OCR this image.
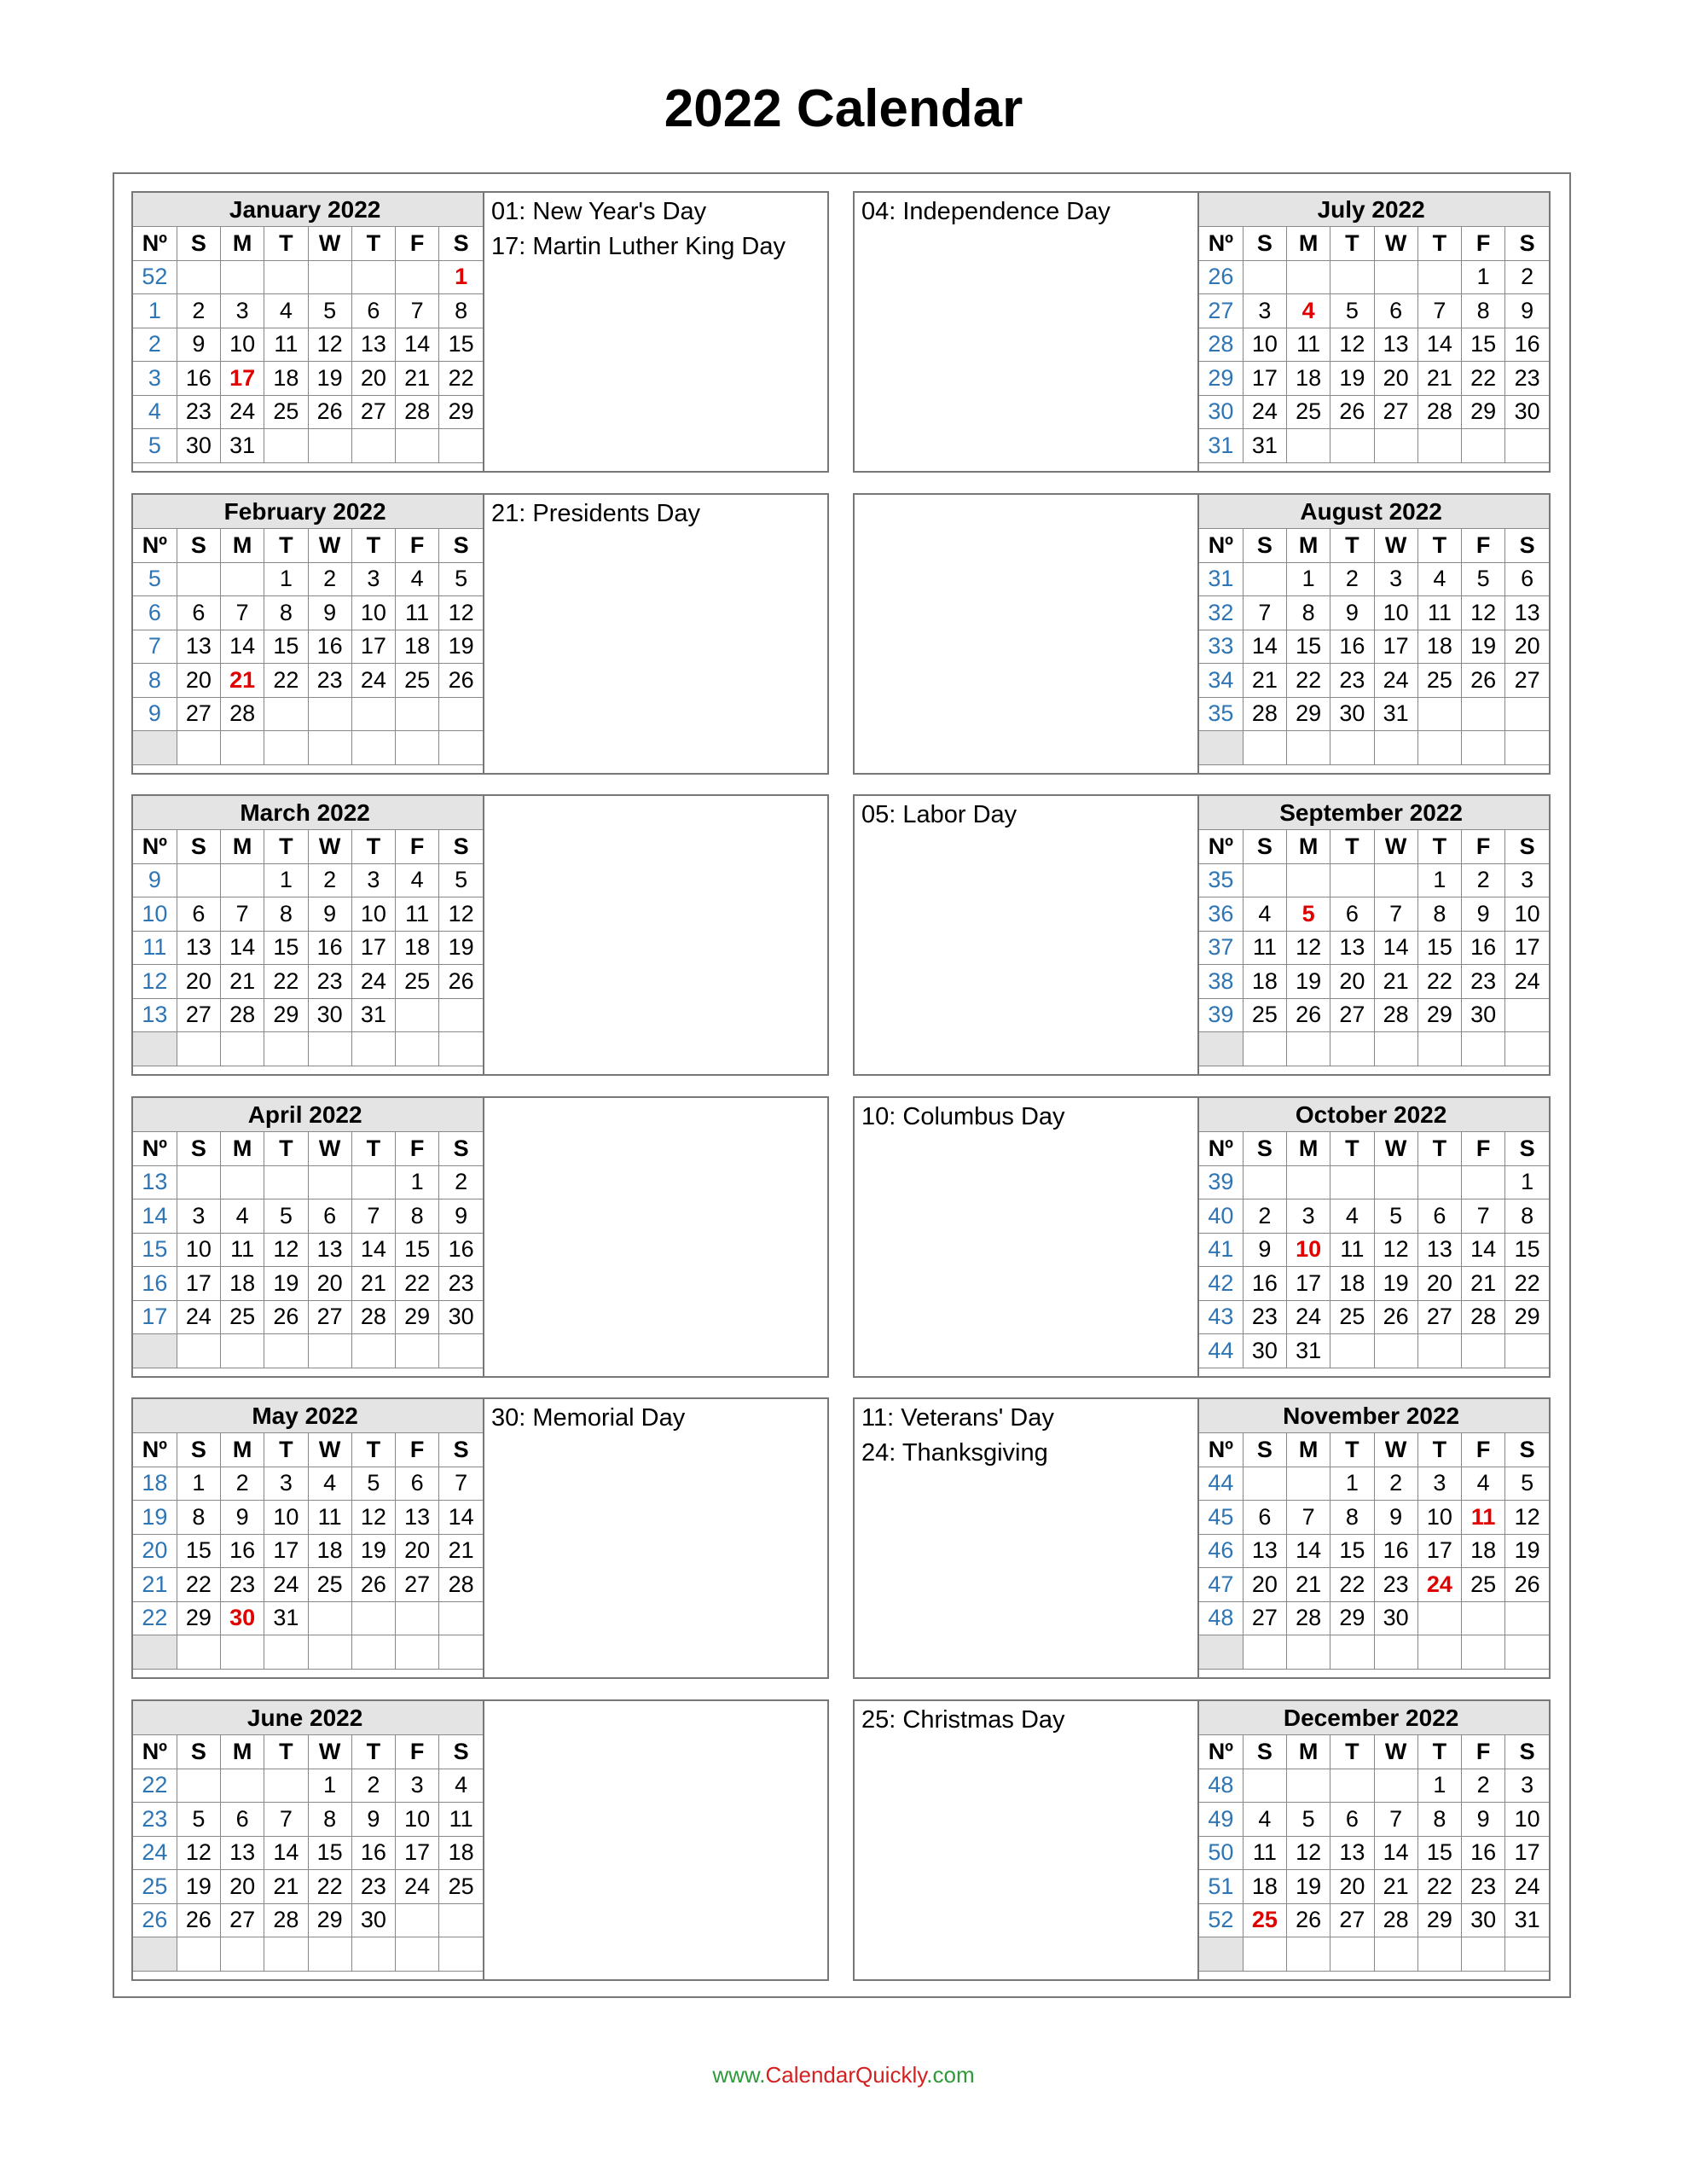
2022 Calendar
	January 2022						
Nº	S	M	T	W	T	F	S
52							1
1	2	3	4	5	6	7	8
2	9	10	11	12	13	14	15
3	16	17	18	19	20	21	22
4	23	24	25	26	27	28	29
5	30	31					
01: New Year's Day
17: Martin Luther King Day
	February 2022						
Nº	S	M	T	W	T	F	S
5			1	2	3	4	5
6	6	7	8	9	10	11	12
7	13	14	15	16	17	18	19
8	20	21	22	23	24	25	26
9	27	28					

21: Presidents Day
	March 2022						
Nº	S	M	T	W	T	F	S
9			1	2	3	4	5
10	6	7	8	9	10	11	12
11	13	14	15	16	17	18	19
12	20	21	22	23	24	25	26
13	27	28	29	30	31		

	April 2022						
Nº	S	M	T	W	T	F	S
13						1	2
14	3	4	5	6	7	8	9
15	10	11	12	13	14	15	16
16	17	18	19	20	21	22	23
17	24	25	26	27	28	29	30

	May 2022						
Nº	S	M	T	W	T	F	S
18	1	2	3	4	5	6	7
19	8	9	10	11	12	13	14
20	15	16	17	18	19	20	21
21	22	23	24	25	26	27	28
22	29	30	31				

30: Memorial Day
	June 2022						
Nº	S	M	T	W	T	F	S
22				1	2	3	4
23	5	6	7	8	9	10	11
24	12	13	14	15	16	17	18
25	19	20	21	22	23	24	25
26	26	27	28	29	30		

04: Independence Day
		July 2022						
Nº	S	M	T	W	T	F	S
26						1	2
27	3	4	5	6	7	8	9
28	10	11	12	13	14	15	16
29	17	18	19	20	21	22	23
30	24	25	26	27	28	29	30
31	31						
	August 2022						
Nº	S	M	T	W	T	F	S
31		1	2	3	4	5	6
32	7	8	9	10	11	12	13
33	14	15	16	17	18	19	20
34	21	22	23	24	25	26	27
35	28	29	30	31			

05: Labor Day
		September 2022						
Nº	S	M	T	W	T	F	S
35					1	2	3
36	4	5	6	7	8	9	10
37	11	12	13	14	15	16	17
38	18	19	20	21	22	23	24
39	25	26	27	28	29	30	

10: Columbus Day
		October 2022						
Nº	S	M	T	W	T	F	S
39							1
40	2	3	4	5	6	7	8
41	9	10	11	12	13	14	15
42	16	17	18	19	20	21	22
43	23	24	25	26	27	28	29
44	30	31					
11: Veterans' Day
24: Thanksgiving
	November 2022						
Nº	S	M	T	W	T	F	S
44			1	2	3	4	5
45	6	7	8	9	10	11	12
46	13	14	15	16	17	18	19
47	20	21	22	23	24	25	26
48	27	28	29	30			

25: Christmas Day
		December 2022						
Nº	S	M	T	W	T	F	S
48					1	2	3
49	4	5	6	7	8	9	10
50	11	12	13	14	15	16	17
51	18	19	20	21	22	23	24
52	25	26	27	28	29	30	31

www.CalendarQuickly.com
